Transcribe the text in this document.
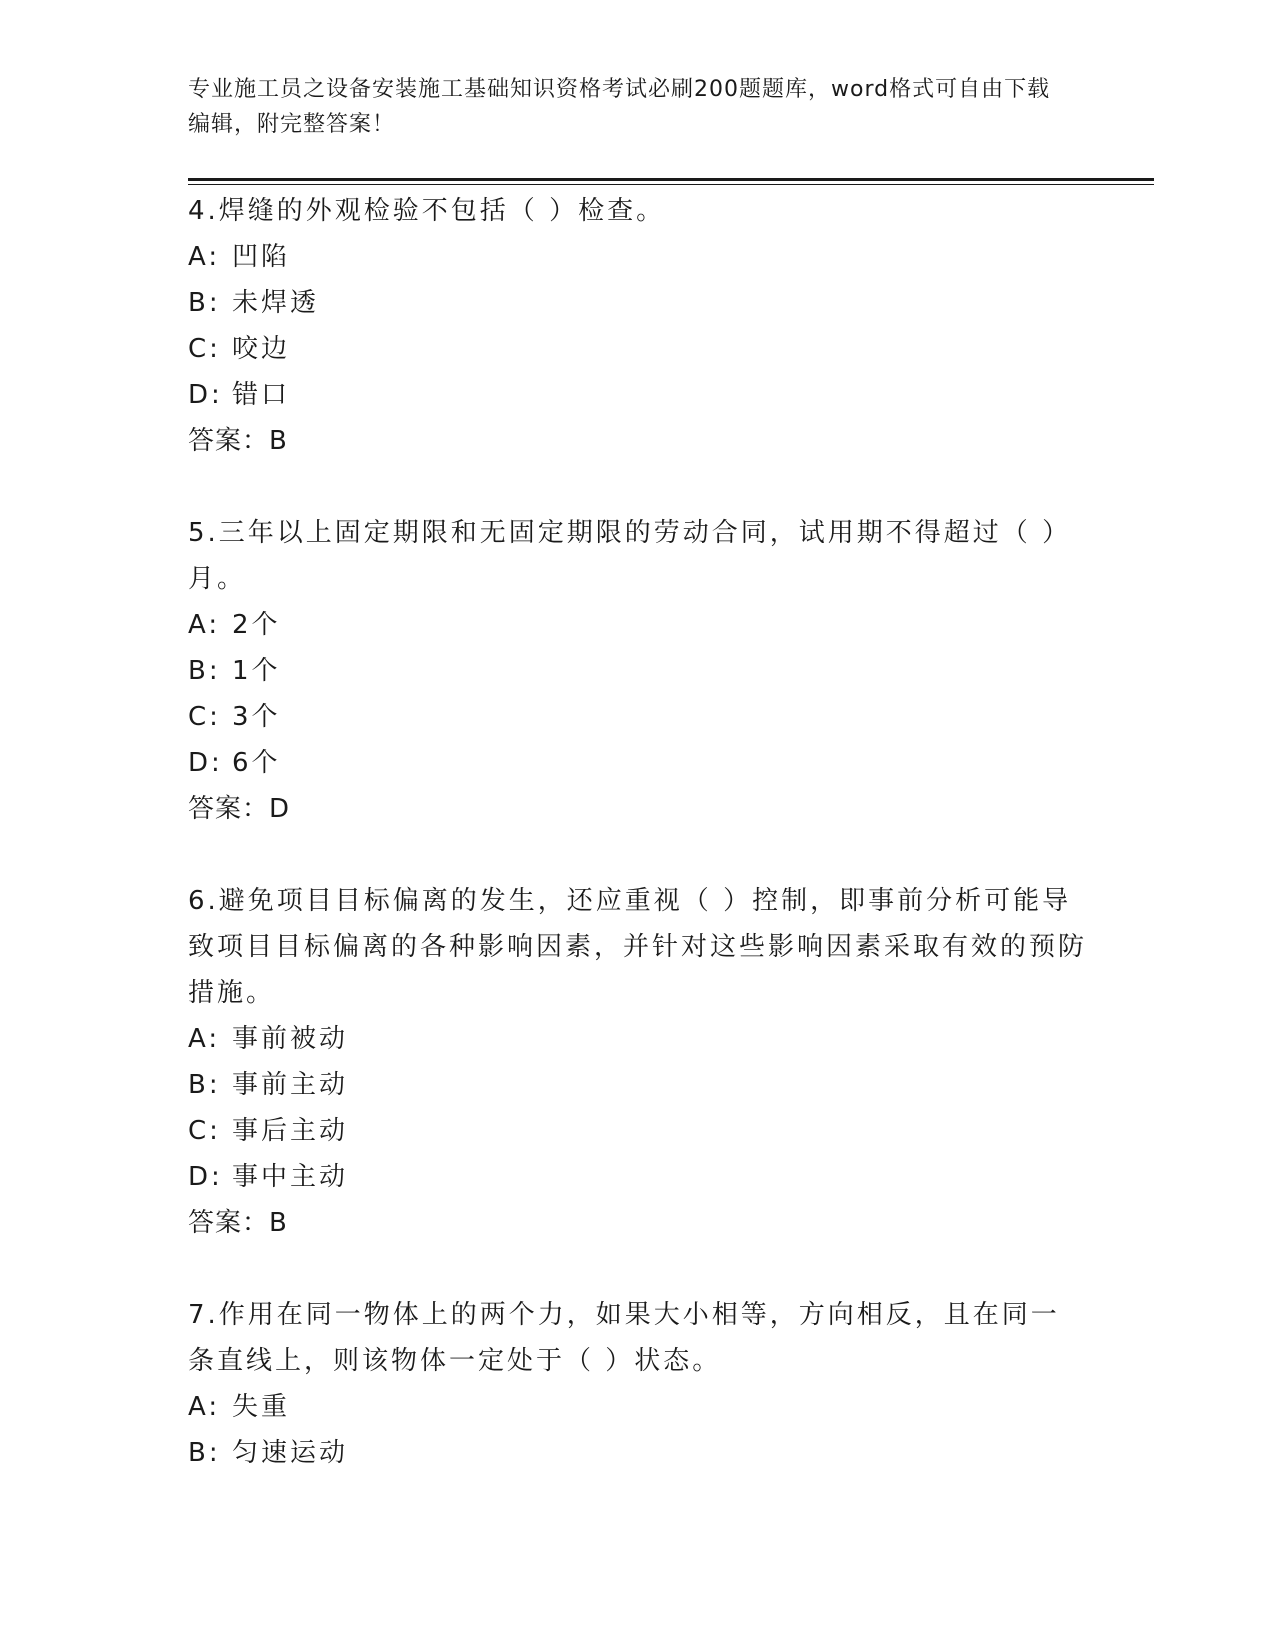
专业施工员之设备安装施工基础知识资格考试必刷200题题库，word格式可自由下载编辑，附完整答案！
4.焊缝的外观检验不包括（ ）检查。
A: 凹陷
B: 未焊透
C: 咬边
D: 错口
答案：B
5.三年以上固定期限和无固定期限的劳动合同，试用期不得超过（ ）月。
A: 2个
B: 1个
C: 3个
D: 6个
答案：D
6.避免项目目标偏离的发生，还应重视（ ）控制，即事前分析可能导致项目目标偏离的各种影响因素，并针对这些影响因素采取有效的预防措施。
A: 事前被动
B: 事前主动
C: 事后主动
D: 事中主动
答案：B
7.作用在同一物体上的两个力，如果大小相等，方向相反，且在同一条直线上，则该物体一定处于（ ）状态。
A: 失重
B: 匀速运动
